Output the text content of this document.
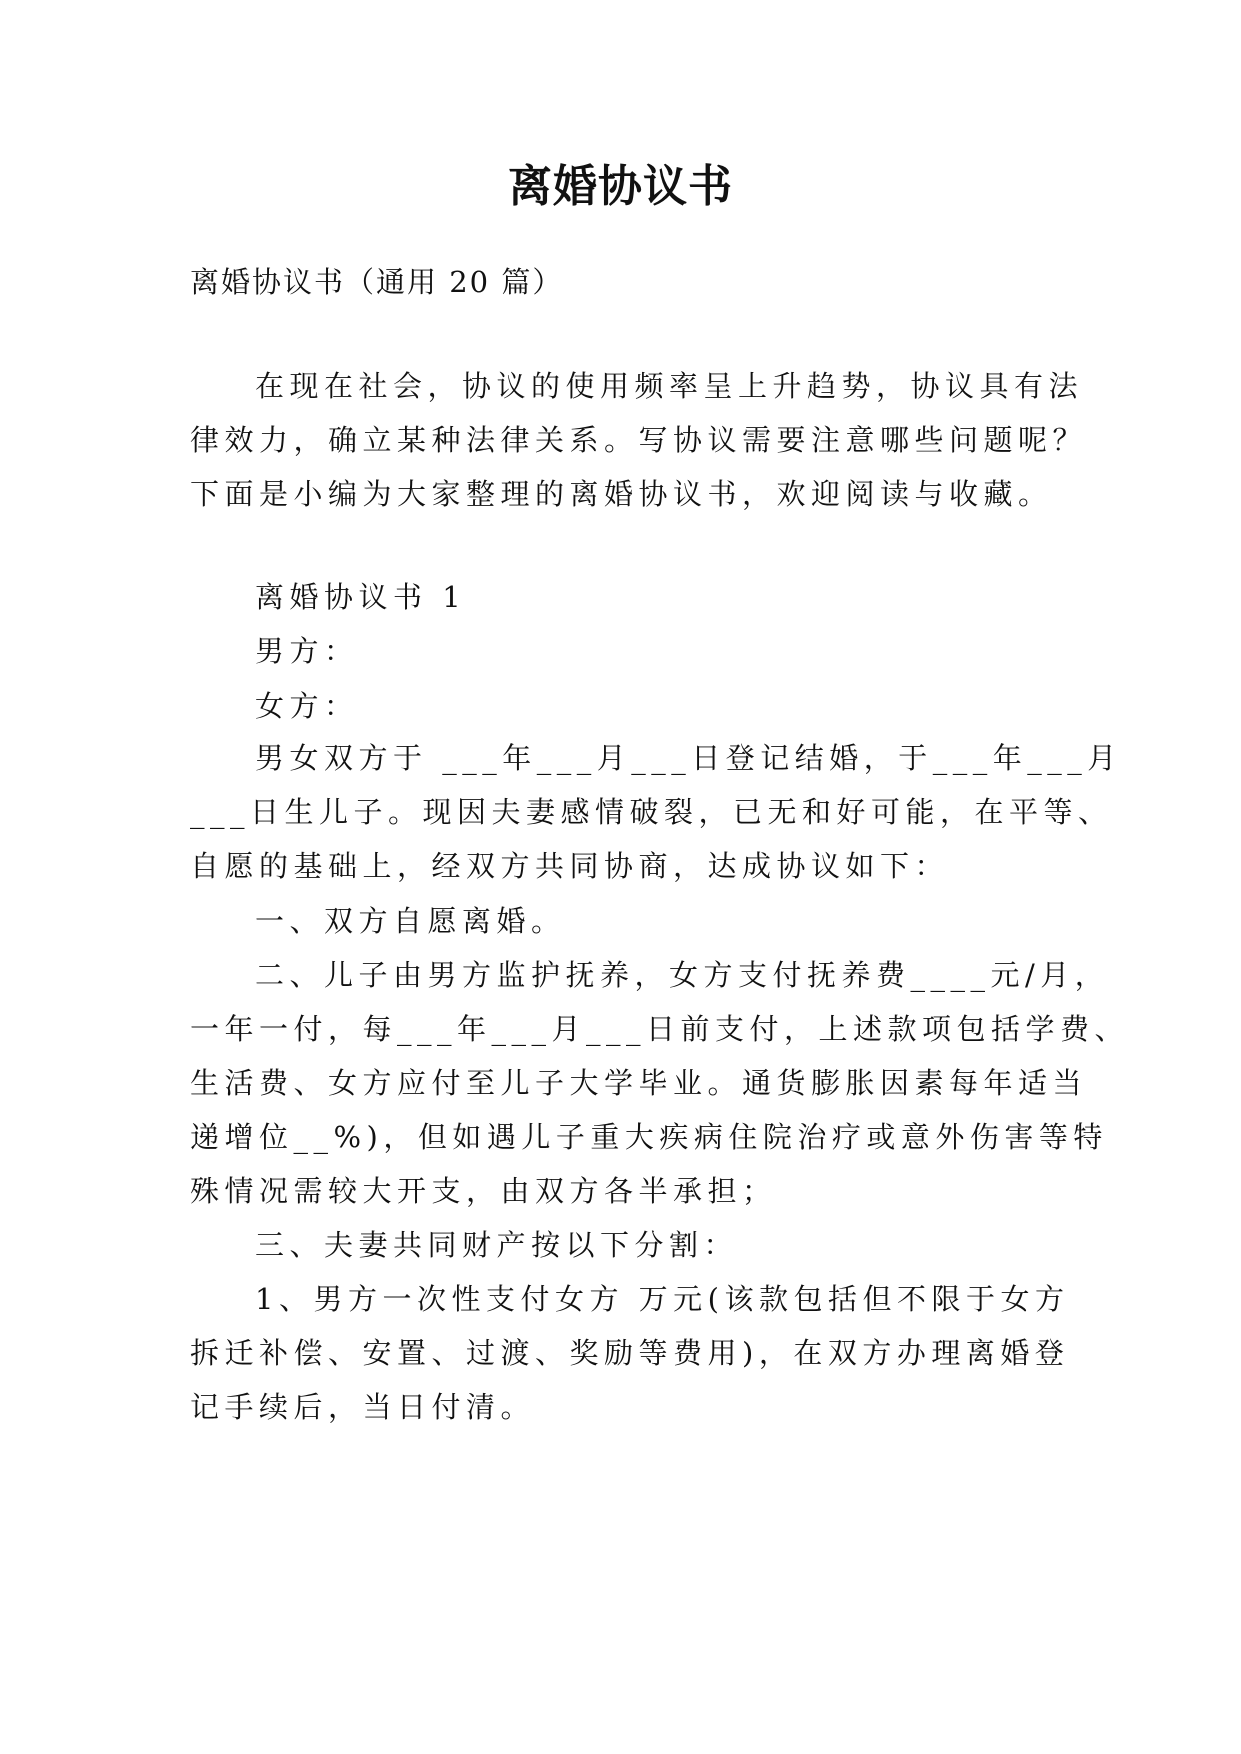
离婚协议书
离婚协议书（通用 20 篇）
在现在社会，协议的使用频率呈上升趋势，协议具有法
律效力，确立某种法律关系。写协议需要注意哪些问题呢？
下面是小编为大家整理的离婚协议书，欢迎阅读与收藏。
离婚协议书 1
男方：
女方：
男女双方于 ___年___月___日登记结婚，于___年___月
___日生儿子。现因夫妻感情破裂，已无和好可能，在平等、
自愿的基础上，经双方共同协商，达成协议如下：
一、双方自愿离婚。
二、儿子由男方监护抚养，女方支付抚养费____元/月，
一年一付，每___年___月___日前支付，上述款项包括学费、
生活费、女方应付至儿子大学毕业。通货膨胀因素每年适当
递增位__%)，但如遇儿子重大疾病住院治疗或意外伤害等特
殊情况需较大开支，由双方各半承担；
三、夫妻共同财产按以下分割：
1、男方一次性支付女方 万元(该款包括但不限于女方
拆迁补偿、安置、过渡、奖励等费用)，在双方办理离婚登
记手续后，当日付清。
